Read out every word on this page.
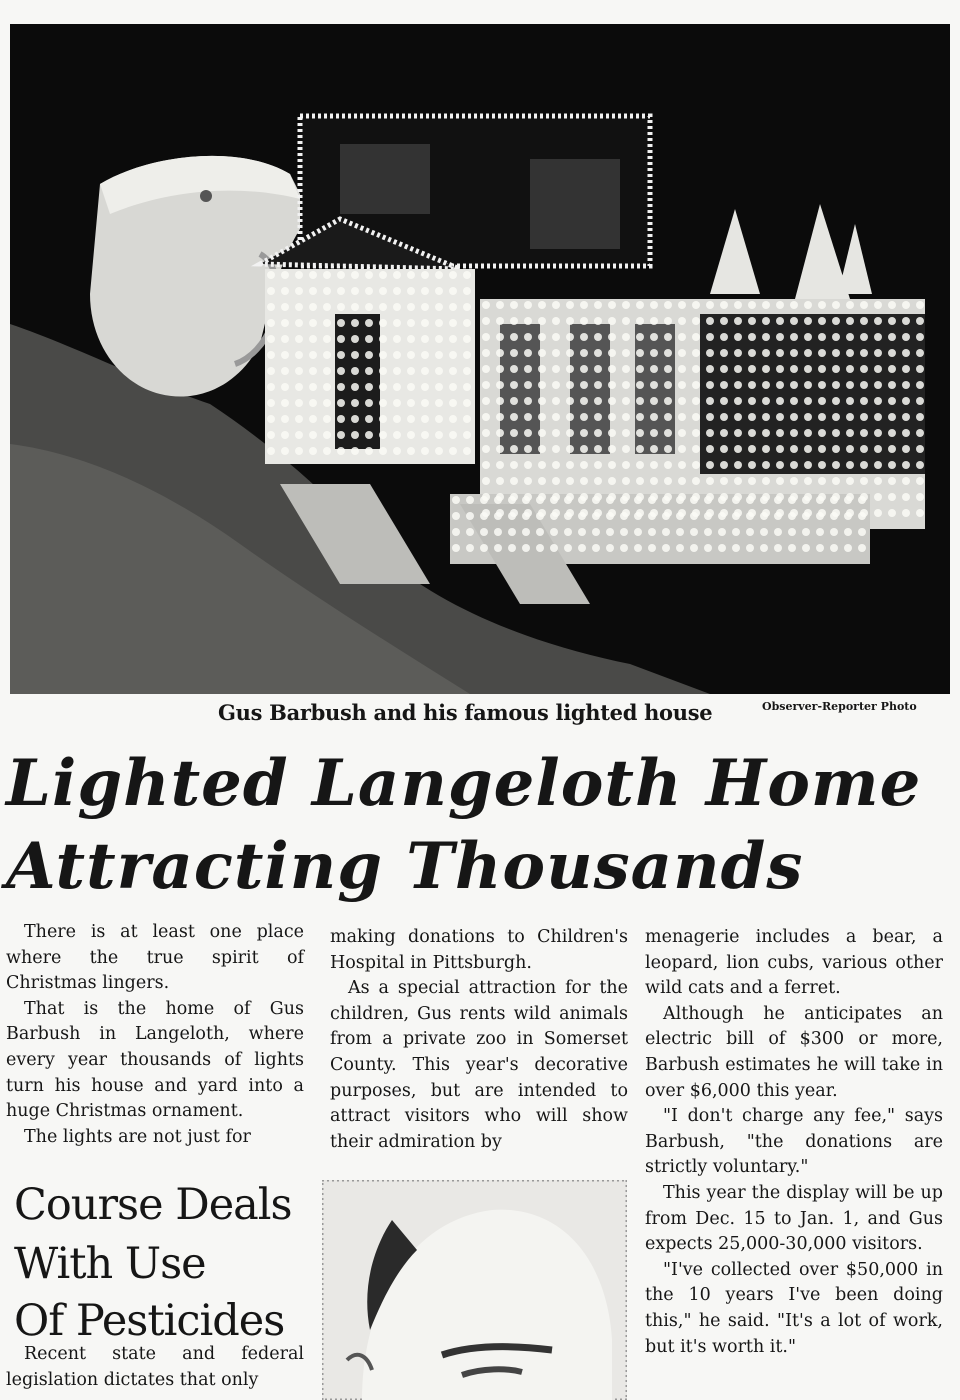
Gus Barbush and his famous lighted house	Observer-Reporter Photo
Lighted Langeloth Home
Attracting Thousands

There is at least one place where the true spirit of Christmas lingers.

That is the home of Gus Barbush in Langeloth, where every year thousands of lights turn his house and yard into a huge Christmas ornament.

The lights are not just for

making donations to Children's Hospital in Pittsburgh.

As a special attraction for the children, Gus rents wild animals from a private zoo in Somerset County. This year's decorative purposes, but are intended to attract visitors who will show their admiration by

menagerie includes a bear, a leopard, lion cubs, various other wild cats and a ferret.

Although he anticipates an electric bill of $300 or more, Barbush estimates he will take in over $6,000 this year.

"I don't charge any fee," says Barbush, "the donations are strictly voluntary."

This year the display will be up from Dec. 15 to Jan. 1, and Gus expects 25,000-30,000 visitors.

"I've collected over $50,000 in the 10 years I've been doing this," he said. "It's a lot of work, but it's worth it."

Course Deals
With Use
Of Pesticides

Recent state and federal legislation dictates that only
